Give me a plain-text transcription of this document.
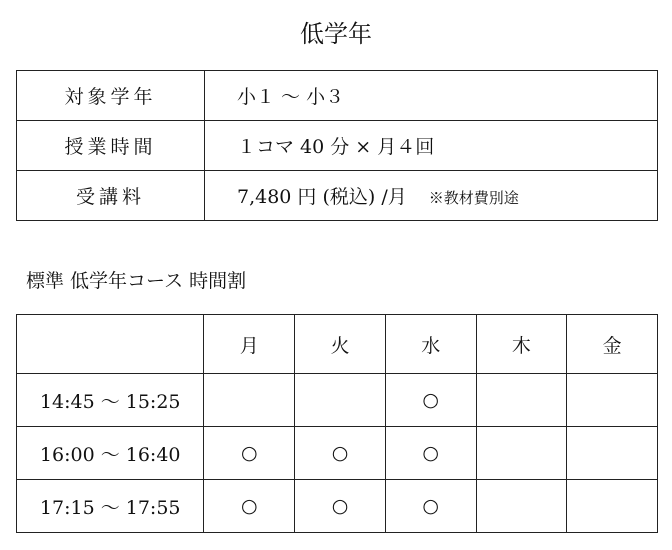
低学年
対象学年	小１ ～ 小３
授業時間	１コマ 40 分 × 月４回
受講料	7,480 円 (税込) /月 ※教材費別途
標準 低学年コース 時間割
	月	火	水	木	金
14:45 ～ 15:25			○		
16:00 ～ 16:40	○	○	○		
17:15 ～ 17:55	○	○	○		
